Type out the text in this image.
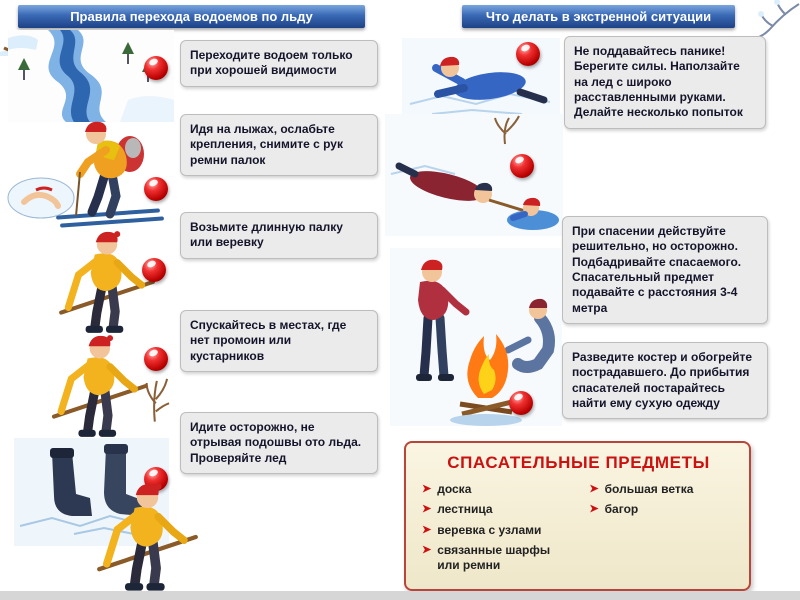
Правила перехода водоемов по льду	Что делать в экстренной ситуации
Переходите водоем только при хорошей видимости
Идя на лыжах, ослабьте крепления, снимите с рук ремни палок
Возьмите длинную палку или веревку
Спускайтесь в местах, где нет промоин или кустарников
Идите осторожно, не отрывая подошвы ото льда. Проверяйте лед
Не поддавайтесь панике! Берегите силы. Наползайте на лед с широко расставленными руками. Делайте несколько попыток
При спасении действуйте решительно, но осторожно. Подбадривайте спасаемого. Спасательный предмет подавайте с расстояния 3-4 метра
Разведите костер и обогрейте пострадавшего. До прибытия спасателей постарайтесь найти ему сухую одежду
СПАСАТЕЛЬНЫЕ ПРЕДМЕТЫ
➤ доска
➤ лестница
➤ веревка с узлами
➤ связанные шарфы или ремни
➤ большая ветка
➤ багор
